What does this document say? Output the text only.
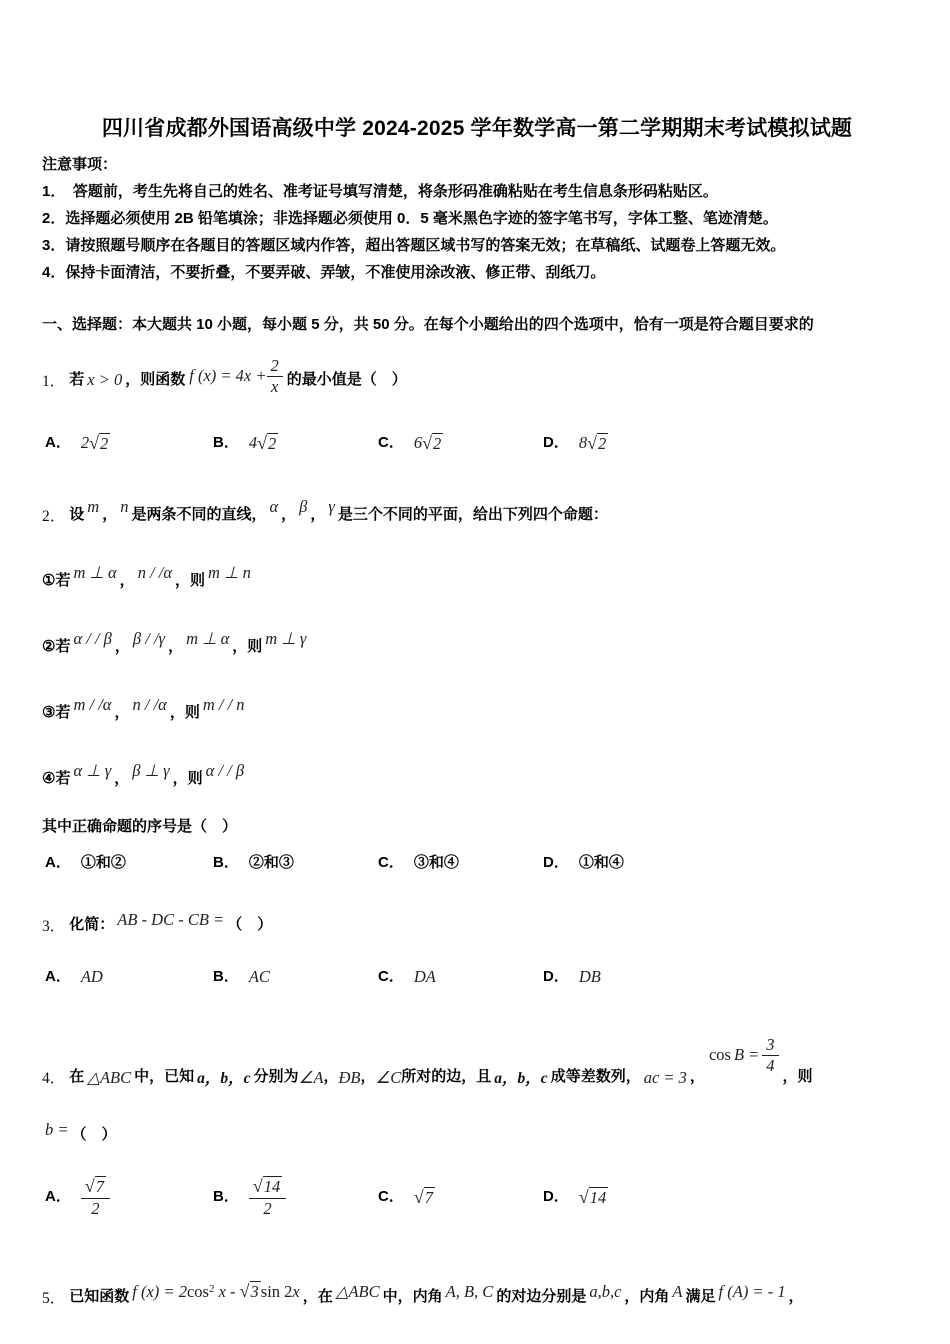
四川省成都外国语高级中学 2024-2025 学年数学高一第二学期期末考试模拟试题
注意事项：
1．　答题前，考生先将自己的姓名、准考证号填写清楚，将条形码准确粘贴在考生信息条形码粘贴区。
2．选择题必须使用 2B 铅笔填涂；非选择题必须使用 0．5 毫米黑色字迹的签字笔书写，字体工整、笔迹清楚。
3．请按照题号顺序在各题目的答题区域内作答，超出答题区域书写的答案无效；在草稿纸、试题卷上答题无效。
4．保持卡面清洁，不要折叠，不要弄破、弄皱，不准使用涂改液、修正带、刮纸刀。
一、选择题：本大题共 10 小题，每小题 5 分，共 50 分。在每个小题给出的四个选项中，恰有一项是符合题目要求的
1． 若 x > 0 ，则函数 f $(x) = 4x + \frac{2}{x}$ 的最小值是（　）
A． 2 √ 2	B． 4 √ 2	C． 6 √ 2	D． 8 √ 2
2． 设 m ， n 是两条不同的直线， α ， β ， γ 是三个不同的平面，给出下列四个命题：
① 若 m ⊥ α ， n / /α ，则 m ⊥ n
② 若 α / / β ， β / /γ ， m ⊥ α ，则 m ⊥ γ
③ 若 m / /α ， n / /α ，则 m / / n
④ 若 α ⊥ γ ， β ⊥ γ ，则 α / / β
其中正确命题的序号是（　）
A． ①和②	B． ②和③	C． ③和④	D． ①和④
3． 化简： AB - DC - CB = （　）
A． AD	B． AC	C． DA	D． DB
4． 在 △ABC 中，已知 a，b，c 分别为 ∠A ， ÐB ， ∠C 所对的边，且 a，b，c 成等差数列， ac = 3 ，
$\cos B = \frac{3}{4}$
，则
b = （　）
A． $\frac{√ 7}{2}$	B． $\frac{√ 14}{2}$	C． √ 7	D． √ 14
5． 已知函数 f (x) = 2 cos 2 x - √ 3 sin 2 x ，在 △ABC 中，内角 A, B, C 的对边分别是 a,b,c ，内角 A 满足 f (A) = - 1 ，
